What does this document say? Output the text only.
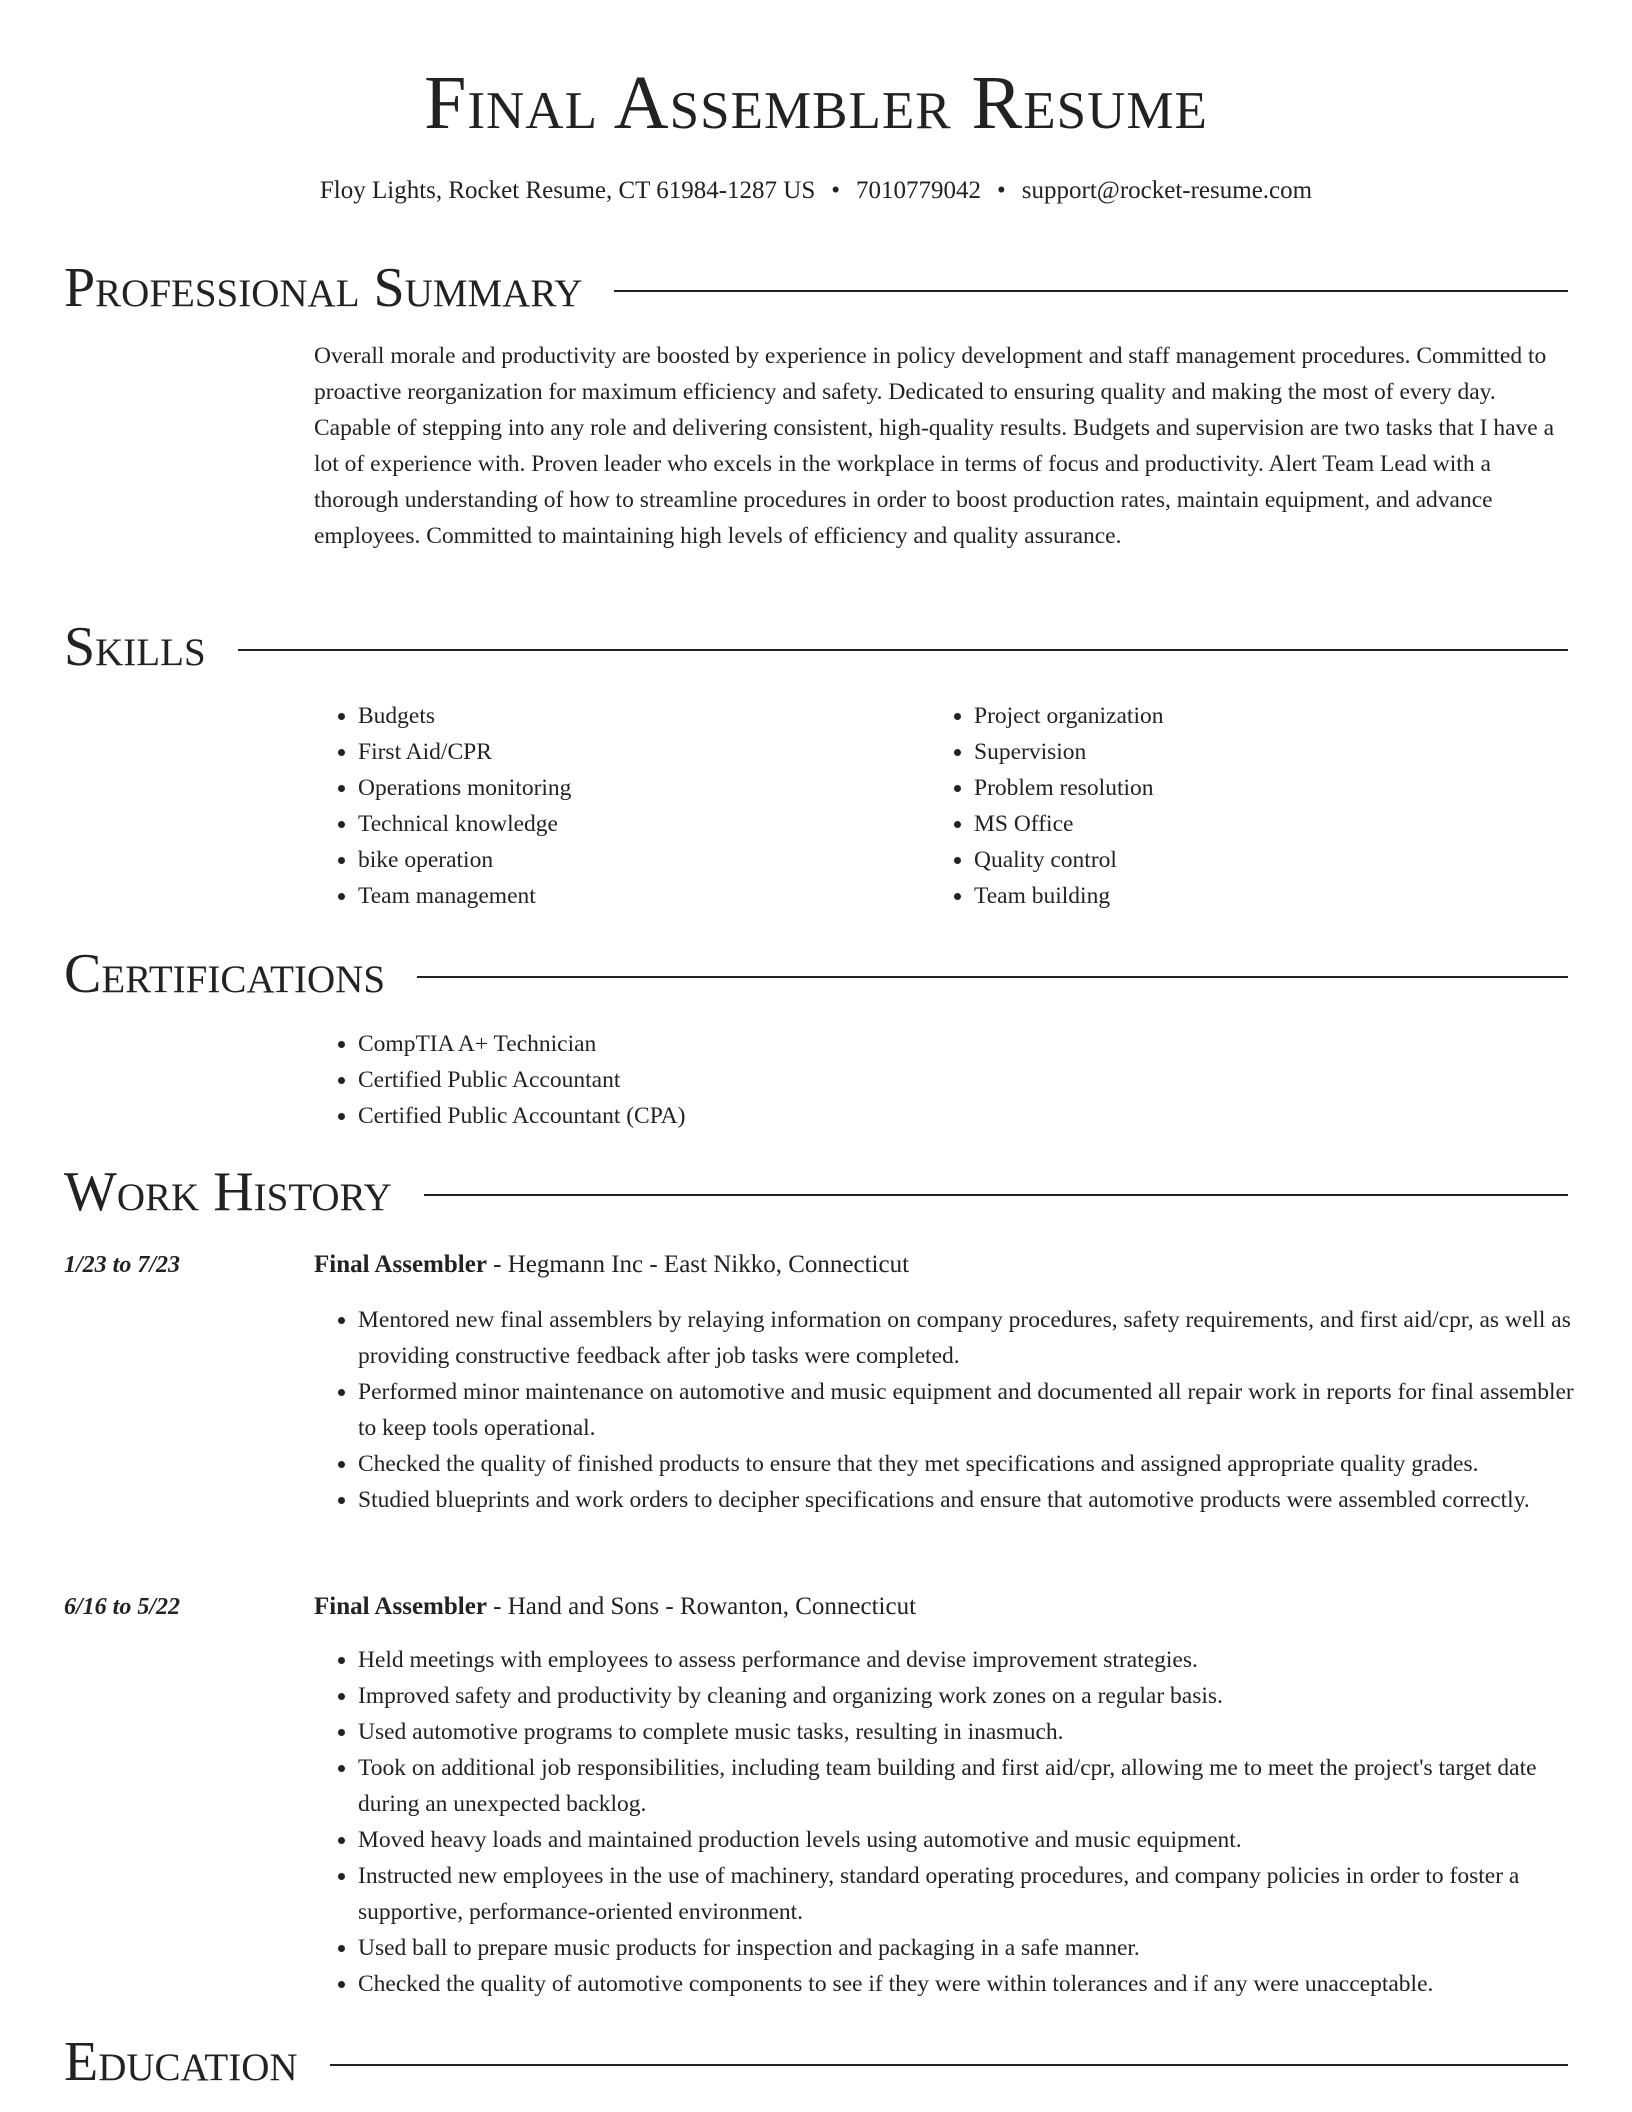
Final Assembler Resume
Floy Lights, Rocket Resume, CT 61984-1287 US • 7010779042 • support@rocket-resume.com
Professional Summary

Overall morale and productivity are boosted by experience in policy development and staff management procedures. Committed to proactive reorganization for maximum efficiency and safety. Dedicated to ensuring quality and making the most of every day. Capable of stepping into any role and delivering consistent, high-quality results. Budgets and supervision are two tasks that I have a lot of experience with. Proven leader who excels in the workplace in terms of focus and productivity. Alert Team Lead with a thorough understanding of how to streamline procedures in order to boost production rates, maintain equipment, and advance employees. Committed to maintaining high levels of efficiency and quality assurance.

Skills
• Budgets
• First Aid/CPR
• Operations monitoring
• Technical knowledge
• bike operation
• Team management
• Project organization
• Supervision
• Problem resolution
• MS Office
• Quality control
• Team building
Certifications
• CompTIA A+ Technician
• Certified Public Accountant
• Certified Public Accountant (CPA)
Work History
1/23 to 7/23	Final Assembler - Hegmann Inc - East Nikko, Connecticut
• Mentored new final assemblers by relaying information on company procedures, safety requirements, and first aid/cpr, as well as providing constructive feedback after job tasks were completed.
• Performed minor maintenance on automotive and music equipment and documented all repair work in reports for final assembler to keep tools operational.
• Checked the quality of finished products to ensure that they met specifications and assigned appropriate quality grades.
• Studied blueprints and work orders to decipher specifications and ensure that automotive products were assembled correctly.
6/16 to 5/22	Final Assembler - Hand and Sons - Rowanton, Connecticut
• Held meetings with employees to assess performance and devise improvement strategies.
• Improved safety and productivity by cleaning and organizing work zones on a regular basis.
• Used automotive programs to complete music tasks, resulting in inasmuch.
• Took on additional job responsibilities, including team building and first aid/cpr, allowing me to meet the project's target date during an unexpected backlog.
• Moved heavy loads and maintained production levels using automotive and music equipment.
• Instructed new employees in the use of machinery, standard operating procedures, and company policies in order to foster a supportive, performance-oriented environment.
• Used ball to prepare music products for inspection and packaging in a safe manner.
• Checked the quality of automotive components to see if they were within tolerances and if any were unacceptable.
Education
